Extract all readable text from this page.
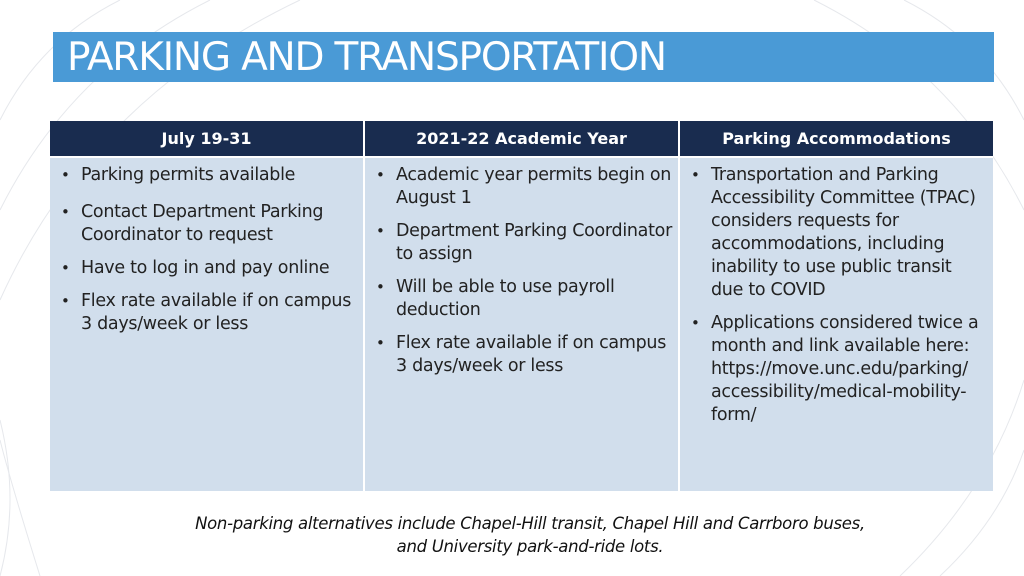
PARKING AND TRANSPORTATION
July 19-31
• Parking permits available
• Contact Department Parking Coordinator to request
• Have to log in and pay online
• Flex rate available if on campus 3 days/week or less
2021-22 Academic Year
• Academic year permits begin on August 1
• Department Parking Coordinator to assign
• Will be able to use payroll deduction
• Flex rate available if on campus 3 days/week or less
Parking Accommodations
• Transportation and Parking Accessibility Committee (TPAC) considers requests for accommodations, including inability to use public transit due to COVID
• Applications considered twice a month and link available here: https://move.unc.edu/parking/ accessibility/medical-mobility-form/
Non-parking alternatives include Chapel-Hill transit, Chapel Hill and Carrboro buses,
and University park-and-ride lots.
